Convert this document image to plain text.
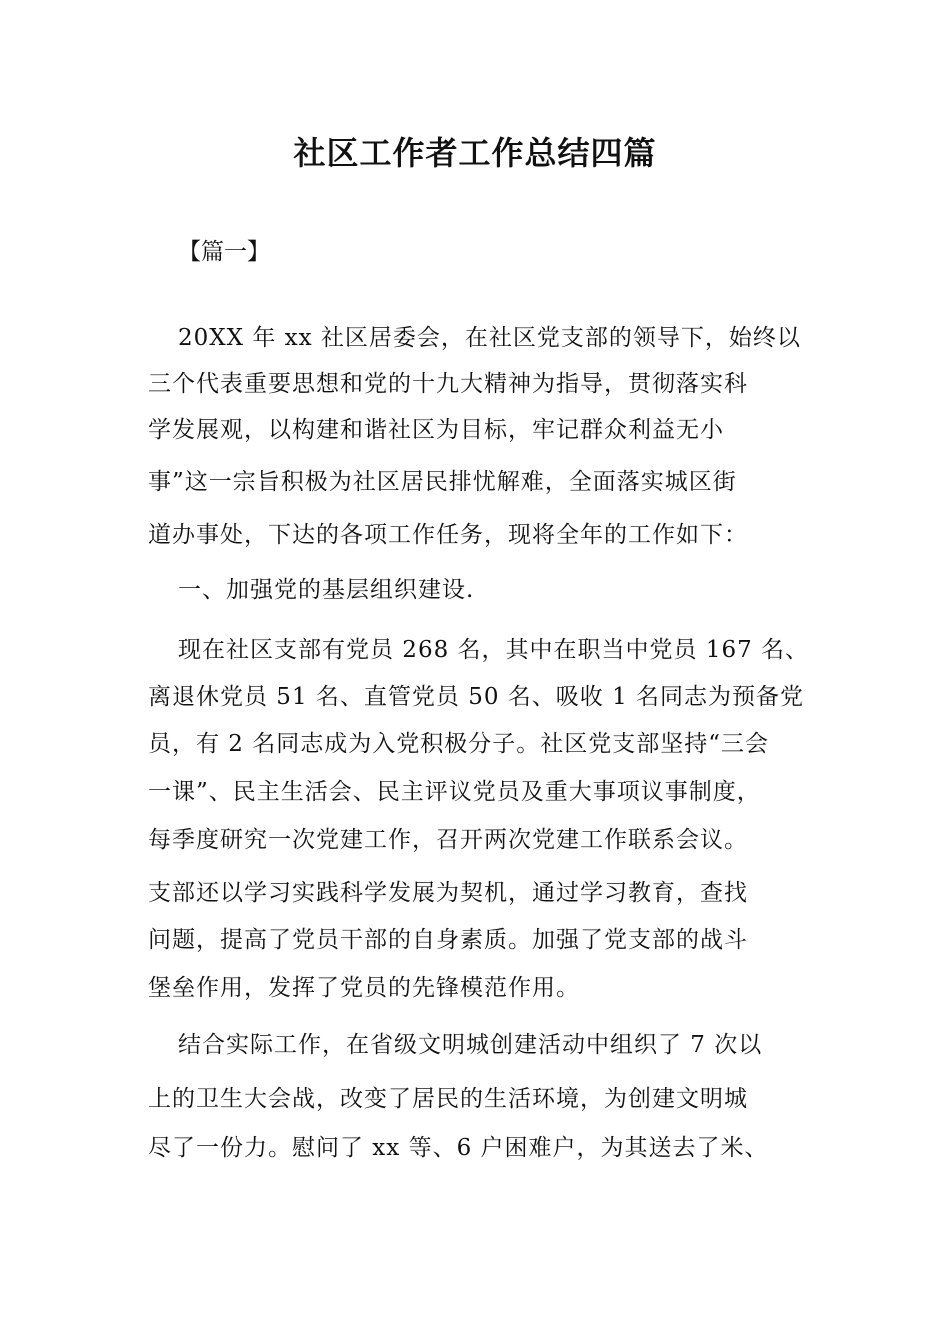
社区工作者工作总结四篇
【篇一】
20XX 年 xx 社区居委会，在社区党支部的领导下，始终以
三个代表重要思想和党的十九大精神为指导，贯彻落实科
学发展观，以构建和谐社区为目标，牢记群众利益无小
事”这一宗旨积极为社区居民排忧解难，全面落实城区街
道办事处，下达的各项工作任务，现将全年的工作如下：
一、加强党的基层组织建设.
现在社区支部有党员 268 名，其中在职当中党员 167 名、
离退休党员 51 名、直管党员 50 名、吸收 1 名同志为预备党
员，有 2 名同志成为入党积极分子。社区党支部坚持“三会
一课”、民主生活会、民主评议党员及重大事项议事制度，
每季度研究一次党建工作，召开两次党建工作联系会议。
支部还以学习实践科学发展为契机，通过学习教育，查找
问题，提高了党员干部的自身素质。加强了党支部的战斗
堡垒作用，发挥了党员的先锋模范作用。
结合实际工作，在省级文明城创建活动中组织了 7 次以
上的卫生大会战，改变了居民的生活环境，为创建文明城
尽了一份力。慰问了 xx 等、6 户困难户，为其送去了米、
